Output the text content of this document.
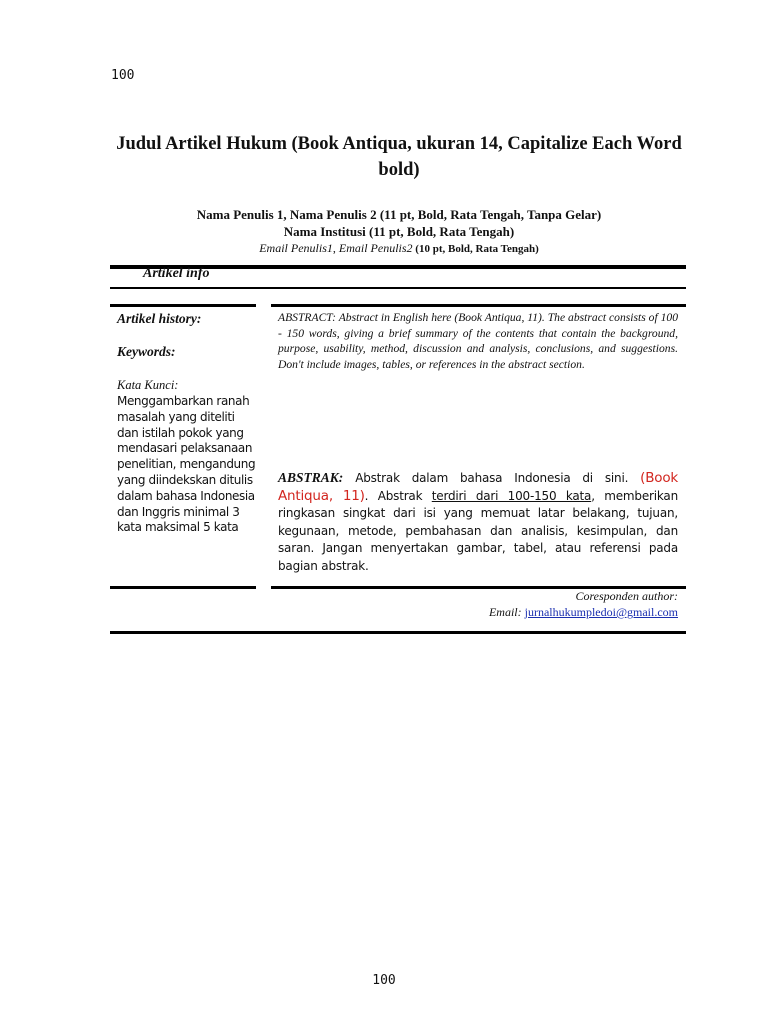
100
Judul Artikel Hukum (Book Antiqua, ukuran 14, Capitalize Each Word bold)
Nama Penulis 1, Nama Penulis 2 (11 pt, Bold, Rata Tengah, Tanpa Gelar)
Nama Institusi (11 pt, Bold, Rata Tengah)
Email Penulis1, Email Penulis2 (10 pt, Bold, Rata Tengah)
Artikel info
Artikel history:
Keywords:
Kata Kunci:
Menggambarkan ranah masalah yang diteliti dan istilah pokok yang mendasari pelaksanaan penelitian, mengandung yang diindekskan ditulis dalam bahasa Indonesia dan Inggris minimal 3 kata maksimal 5 kata
ABSTRACT: Abstract in English here (Book Antiqua, 11). The abstract consists of 100 - 150 words, giving a brief summary of the contents that contain the background, purpose, usability, method, discussion and analysis, conclusions, and suggestions. Don't include images, tables, or references in the abstract section.
ABSTRAK: Abstrak dalam bahasa Indonesia di sini. (Book Antiqua, 11). Abstrak terdiri dari 100-150 kata, memberikan ringkasan singkat dari isi yang memuat latar belakang, tujuan, kegunaan, metode, pembahasan dan analisis, kesimpulan, dan saran. Jangan menyertakan gambar, tabel, atau referensi pada bagian abstrak.
Coresponden author:
Email: jurnalhukumpledoi@gmail.com
100
